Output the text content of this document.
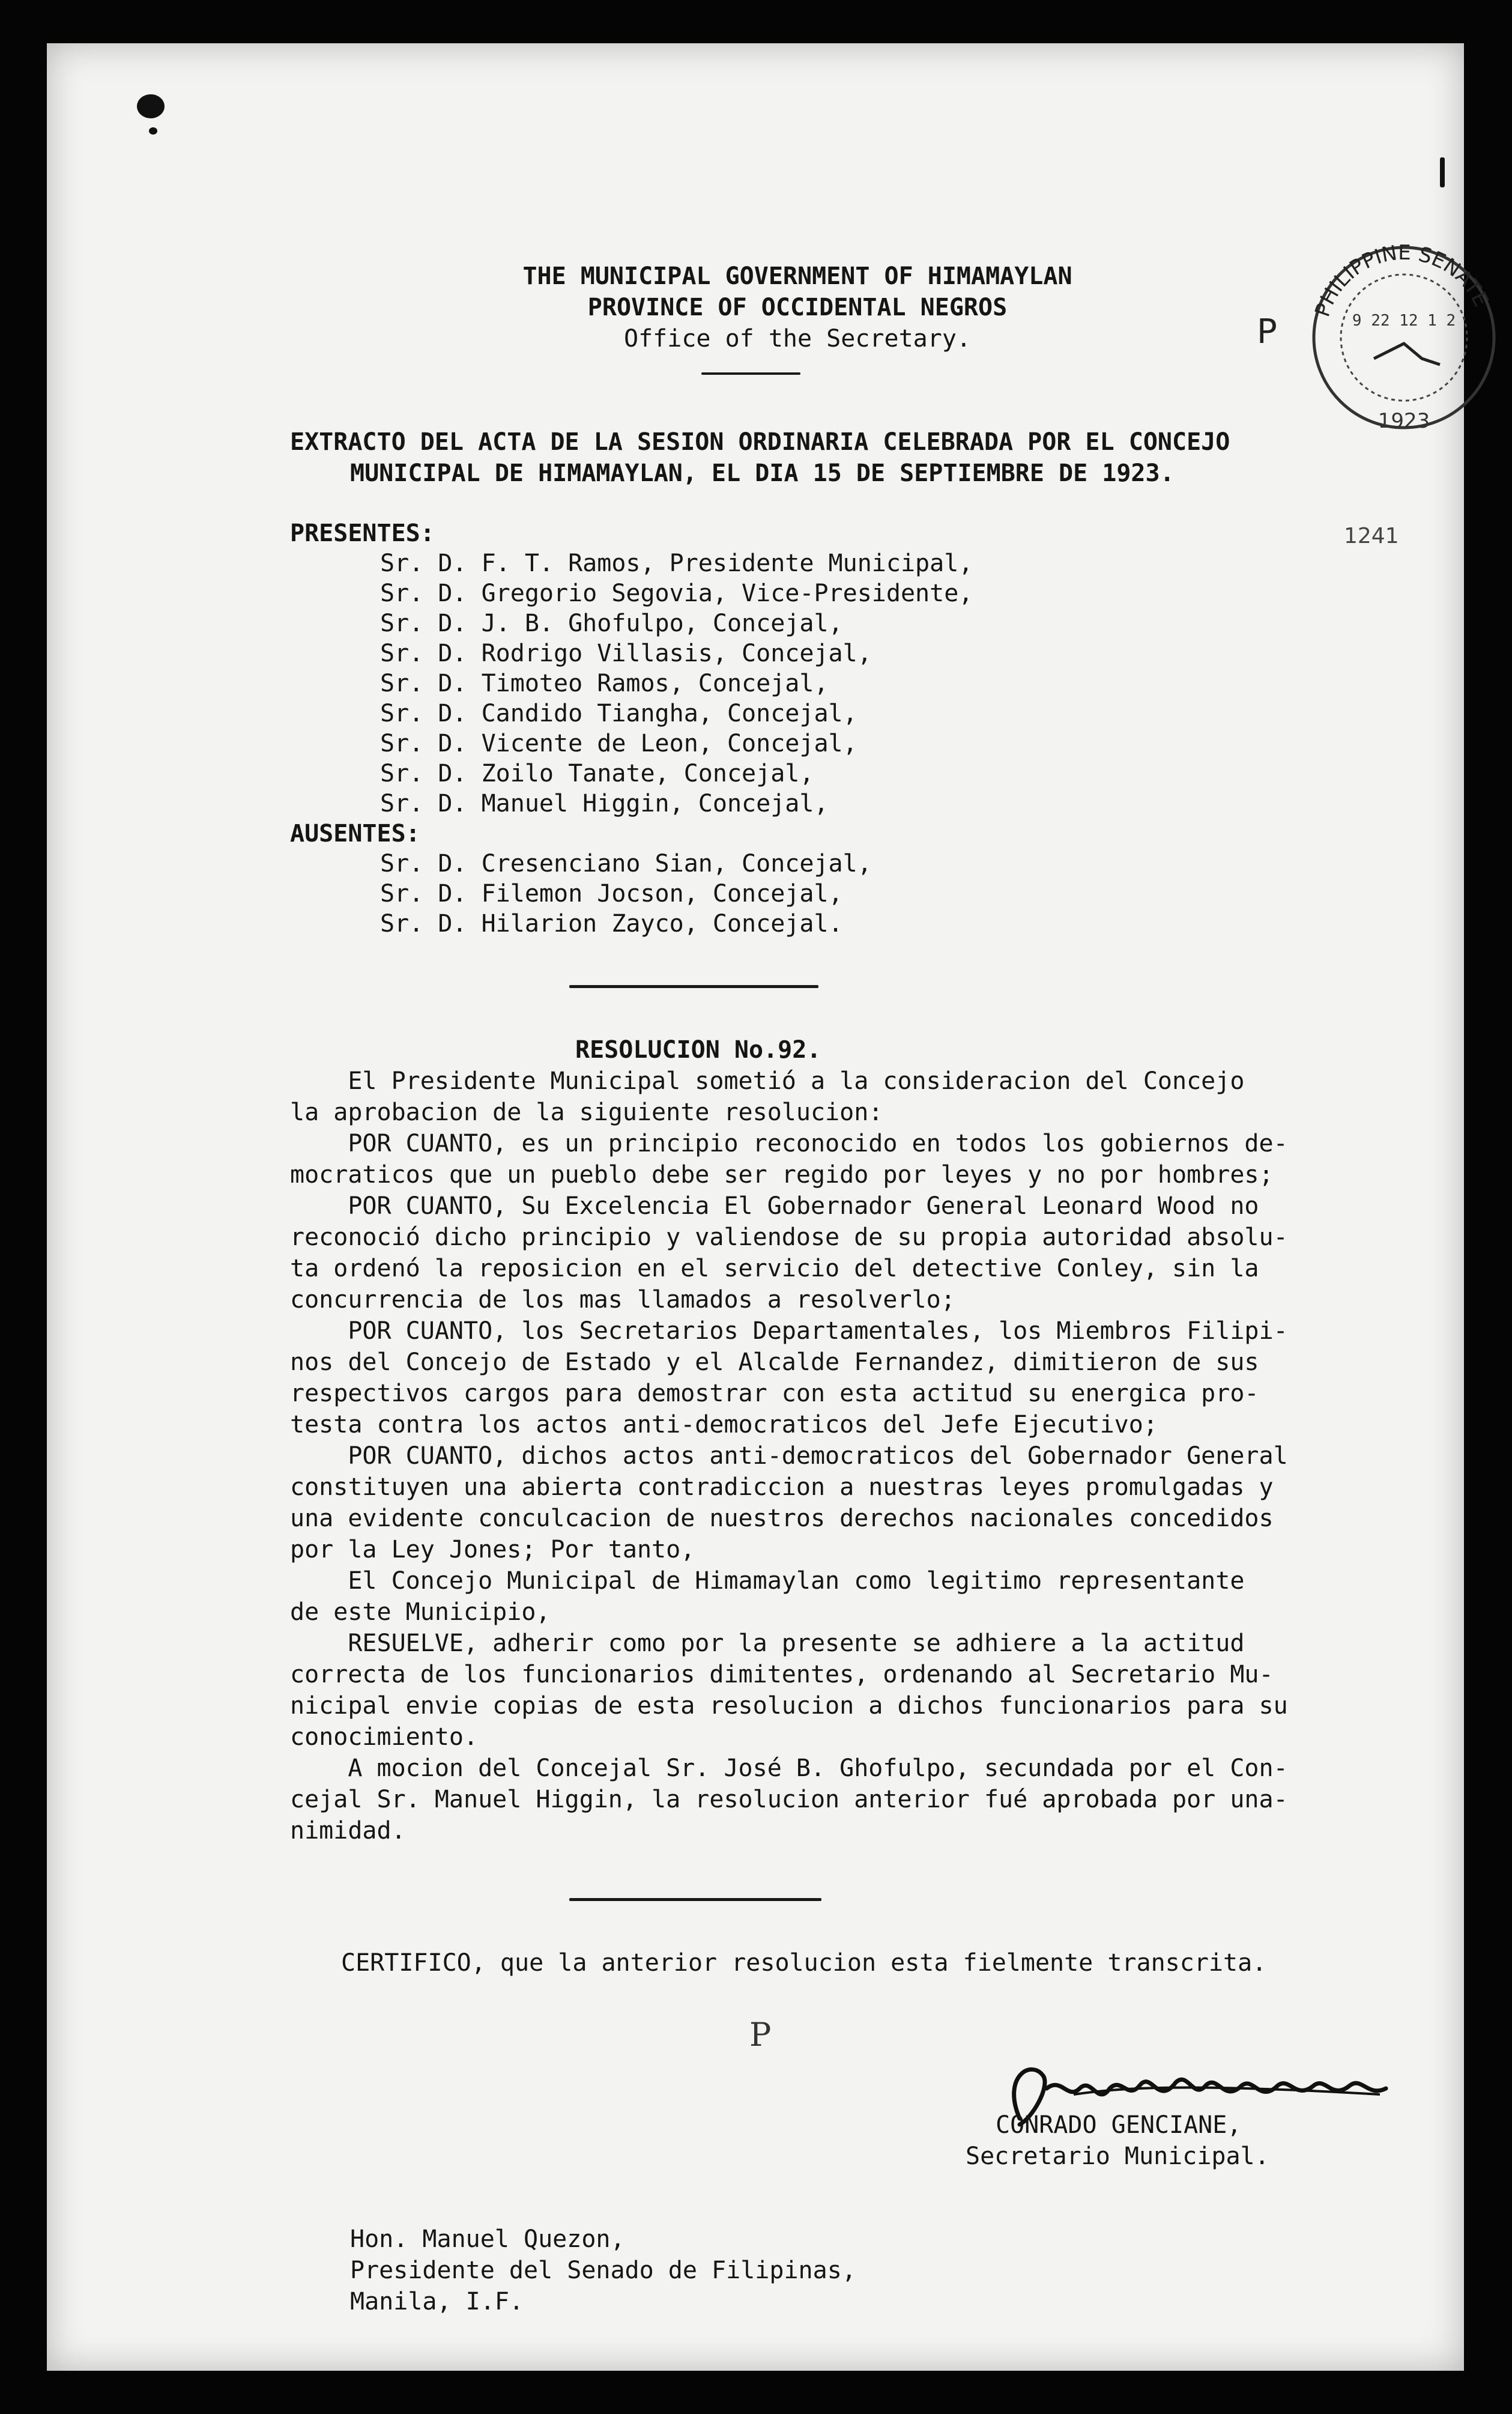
THE MUNICIPAL GOVERNMENT OF HIMAMAYLAN
PROVINCE OF OCCIDENTAL NEGROS
Office of the Secretary.
EXTRACTO DEL ACTA DE LA SESION ORDINARIA CELEBRADA POR EL CONCEJO
MUNICIPAL DE HIMAMAYLAN, EL DIA 15 DE SEPTIEMBRE DE 1923.
PRESENTES:
Sr. D. F. T. Ramos, Presidente Municipal,
Sr. D. Gregorio Segovia, Vice-Presidente,
Sr. D. J. B. Ghofulpo, Concejal,
Sr. D. Rodrigo Villasis, Concejal,
Sr. D. Timoteo Ramos, Concejal,
Sr. D. Candido Tiangha, Concejal,
Sr. D. Vicente de Leon, Concejal,
Sr. D. Zoilo Tanate, Concejal,
Sr. D. Manuel Higgin, Concejal,
AUSENTES:
Sr. D. Cresenciano Sian, Concejal,
Sr. D. Filemon Jocson, Concejal,
Sr. D. Hilarion Zayco, Concejal.
RESOLUCION No.92.
El Presidente Municipal sometió a la consideracion del Concejo
la aprobacion de la siguiente resolucion:
POR CUANTO, es un principio reconocido en todos los gobiernos de-
mocraticos que un pueblo debe ser regido por leyes y no por hombres;
POR CUANTO, Su Excelencia El Gobernador General Leonard Wood no
reconoció dicho principio y valiendose de su propia autoridad absolu-
ta ordenó la reposicion en el servicio del detective Conley, sin la
concurrencia de los mas llamados a resolverlo;
POR CUANTO, los Secretarios Departamentales, los Miembros Filipi-
nos del Concejo de Estado y el Alcalde Fernandez, dimitieron de sus
respectivos cargos para demostrar con esta actitud su energica pro-
testa contra los actos anti-democraticos del Jefe Ejecutivo;
POR CUANTO, dichos actos anti-democraticos del Gobernador General
constituyen una abierta contradiccion a nuestras leyes promulgadas y
una evidente conculcacion de nuestros derechos nacionales concedidos
por la Ley Jones; Por tanto,
El Concejo Municipal de Himamaylan como legitimo representante
de este Municipio,
RESUELVE, adherir como por la presente se adhiere a la actitud
correcta de los funcionarios dimitentes, ordenando al Secretario Mu-
nicipal envie copias de esta resolucion a dichos funcionarios para su
conocimiento.
A mocion del Concejal Sr. José B. Ghofulpo, secundada por el Con-
cejal Sr. Manuel Higgin, la resolucion anterior fué aprobada por una-
nimidad.
CERTIFICO, que la anterior resolucion esta fielmente transcrita.
P
CONRADO GENCIANE,
Secretario Municipal.
Hon. Manuel Quezon,
Presidente del Senado de Filipinas,
Manila, I.F.
P
PHILIPPINE SENATE
9 22 12 1 2
1923
1241
